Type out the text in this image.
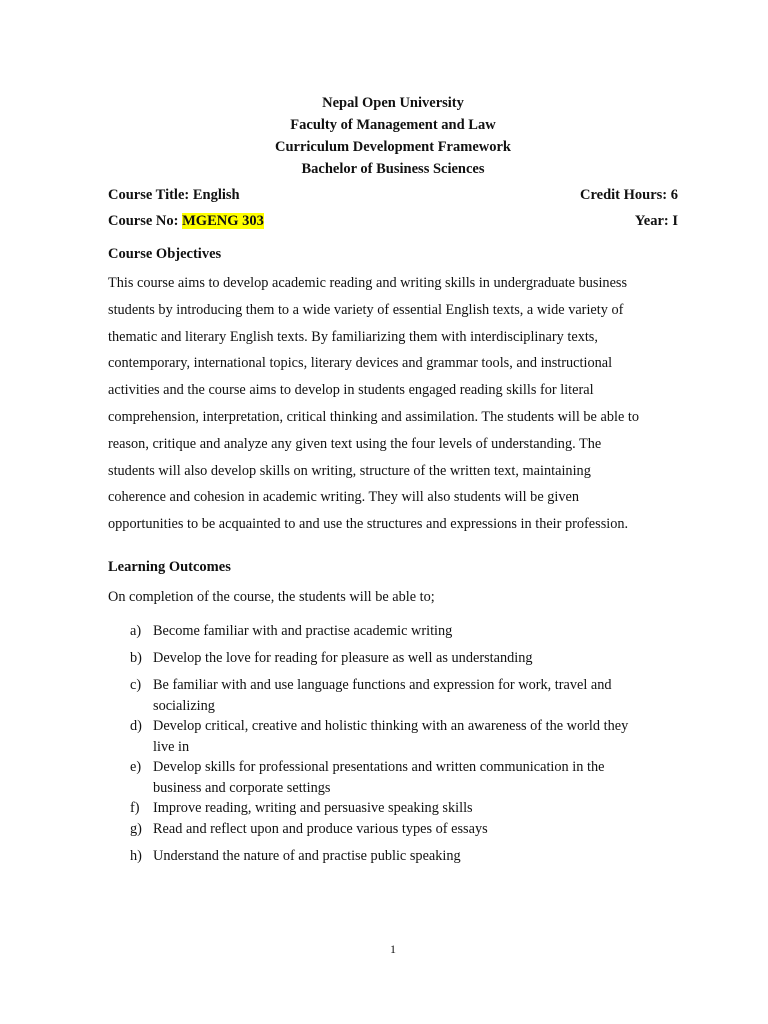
Nepal Open University
Faculty of Management and Law
Curriculum Development Framework
Bachelor of Business Sciences
Course Title: English	Credit Hours: 6
Course No: MGENG 303	Year: I
Course Objectives
This course aims to develop academic reading and writing skills in undergraduate business
students by introducing them to a wide variety of essential English texts, a wide variety of
thematic and literary English texts. By familiarizing them with interdisciplinary texts,
contemporary, international topics, literary devices and grammar tools, and instructional
activities and the course aims to develop in students engaged reading skills for literal
comprehension, interpretation, critical thinking and assimilation. The students will be able to
reason, critique and analyze any given text using the four levels of understanding. The
students will also develop skills on writing, structure of the written text, maintaining
coherence and cohesion in academic writing. They will also students will be given
opportunities to be acquainted to and use the structures and expressions in their profession.
Learning Outcomes
On completion of the course, the students will be able to;
a) Become familiar with and practise academic writing
b) Develop the love for reading for pleasure as well as understanding
c) Be familiar with and use language functions and expression for work, travel and socializing
d) Develop critical, creative and holistic thinking with an awareness of the world they live in
e) Develop skills for professional presentations and written communication in the business and corporate settings
f) Improve reading, writing and persuasive speaking skills
g) Read and reflect upon and produce various types of essays
h) Understand the nature of and practise public speaking
1
